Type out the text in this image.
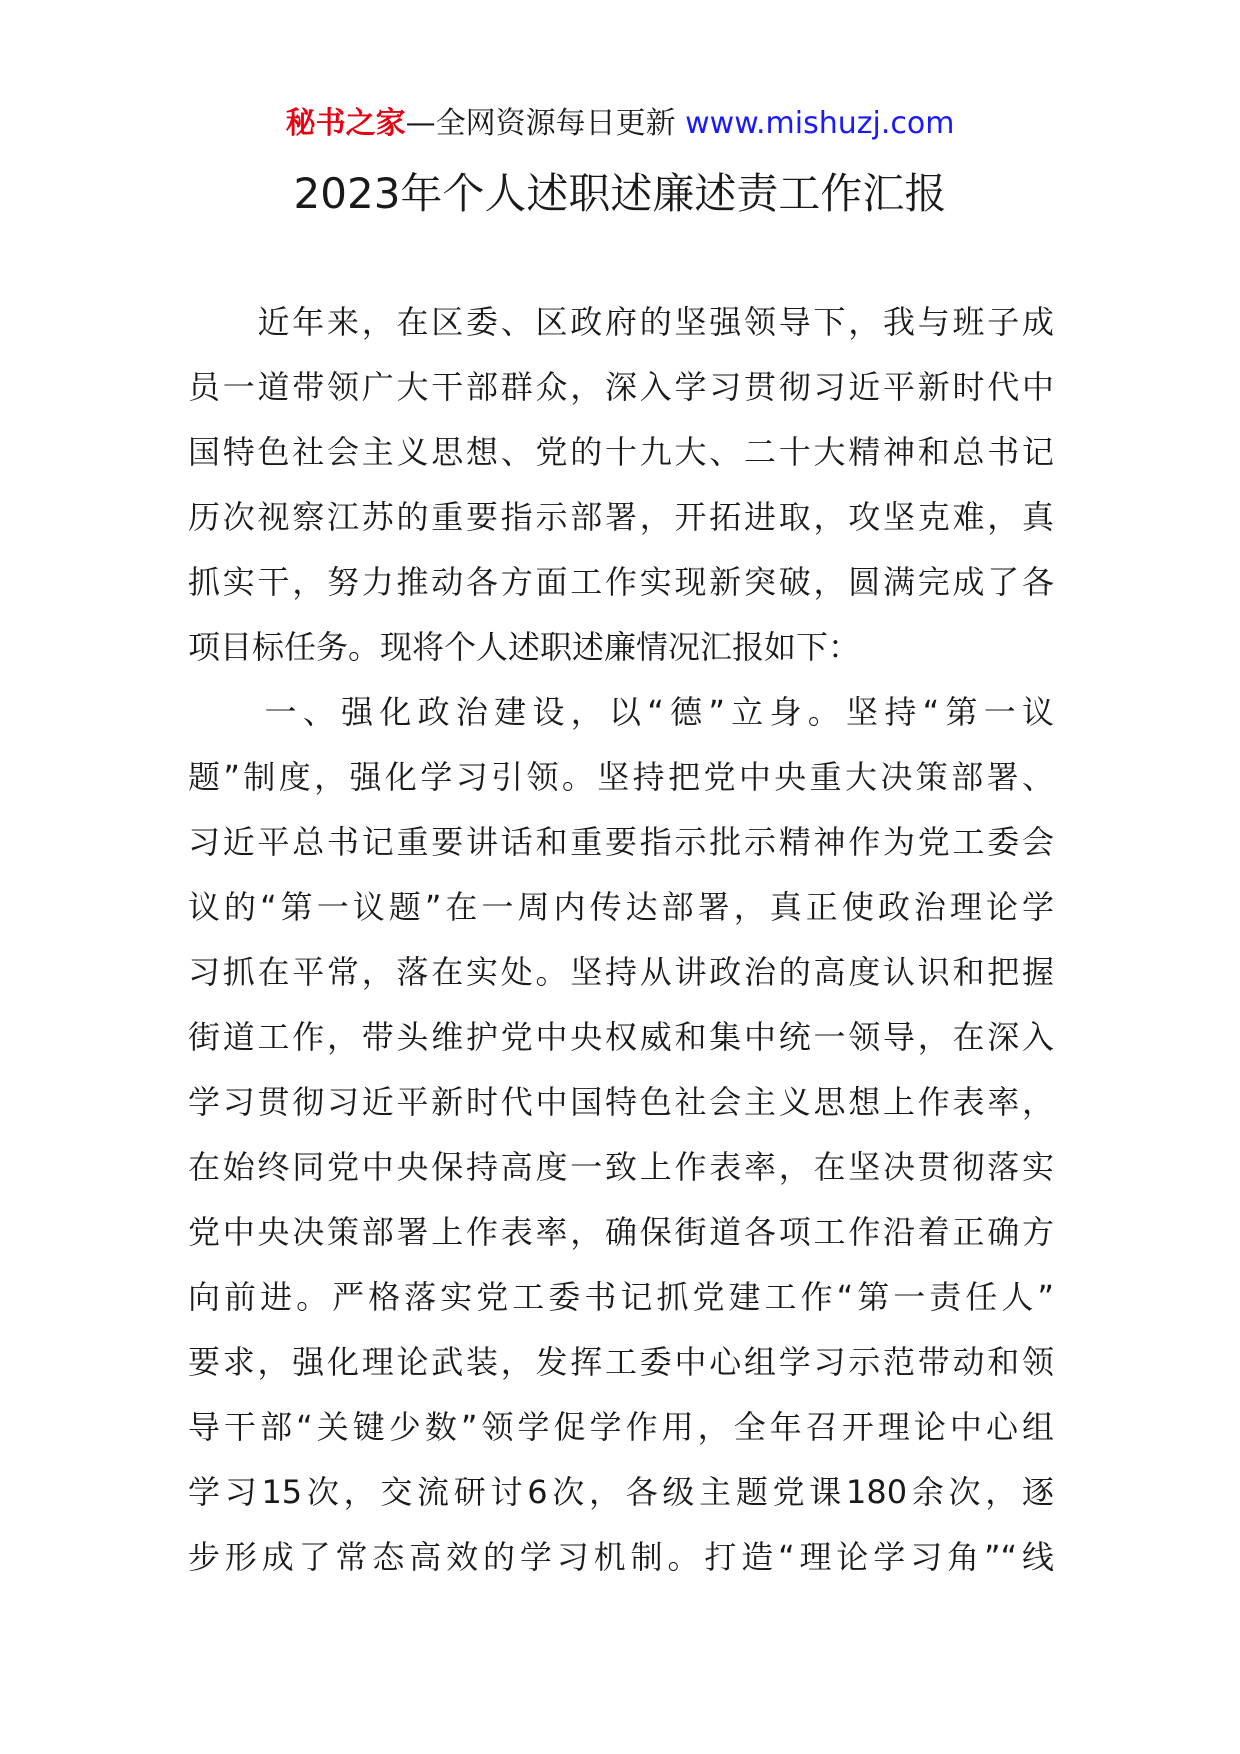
秘书之家—全网资源每日更新 www.mishuzj.com
2023年个人述职述廉述责工作汇报
　　近年来，在区委、区政府的坚强领导下，我与班子成
员一道带领广大干部群众，深入学习贯彻习近平新时代中
国特色社会主义思想、党的十九大、二十大精神和总书记
历次视察江苏的重要指示部署，开拓进取，攻坚克难，真
抓实干，努力推动各方面工作实现新突破，圆满完成了各
项目标任务。现将个人述职述廉情况汇报如下：
　　一、强化政治建设，以“德”立身。坚持“第一议
题”制度，强化学习引领。坚持把党中央重大决策部署、
习近平总书记重要讲话和重要指示批示精神作为党工委会
议的“第一议题”在一周内传达部署，真正使政治理论学
习抓在平常，落在实处。坚持从讲政治的高度认识和把握
街道工作，带头维护党中央权威和集中统一领导，在深入
学习贯彻习近平新时代中国特色社会主义思想上作表率，
在始终同党中央保持高度一致上作表率，在坚决贯彻落实
党中央决策部署上作表率，确保街道各项工作沿着正确方
向前进。严格落实党工委书记抓党建工作“第一责任人”
要求，强化理论武装，发挥工委中心组学习示范带动和领
导干部“关键少数”领学促学作用，全年召开理论中心组
学习15次，交流研讨6次，各级主题党课180余次，逐
步形成了常态高效的学习机制。打造“理论学习角”“线
